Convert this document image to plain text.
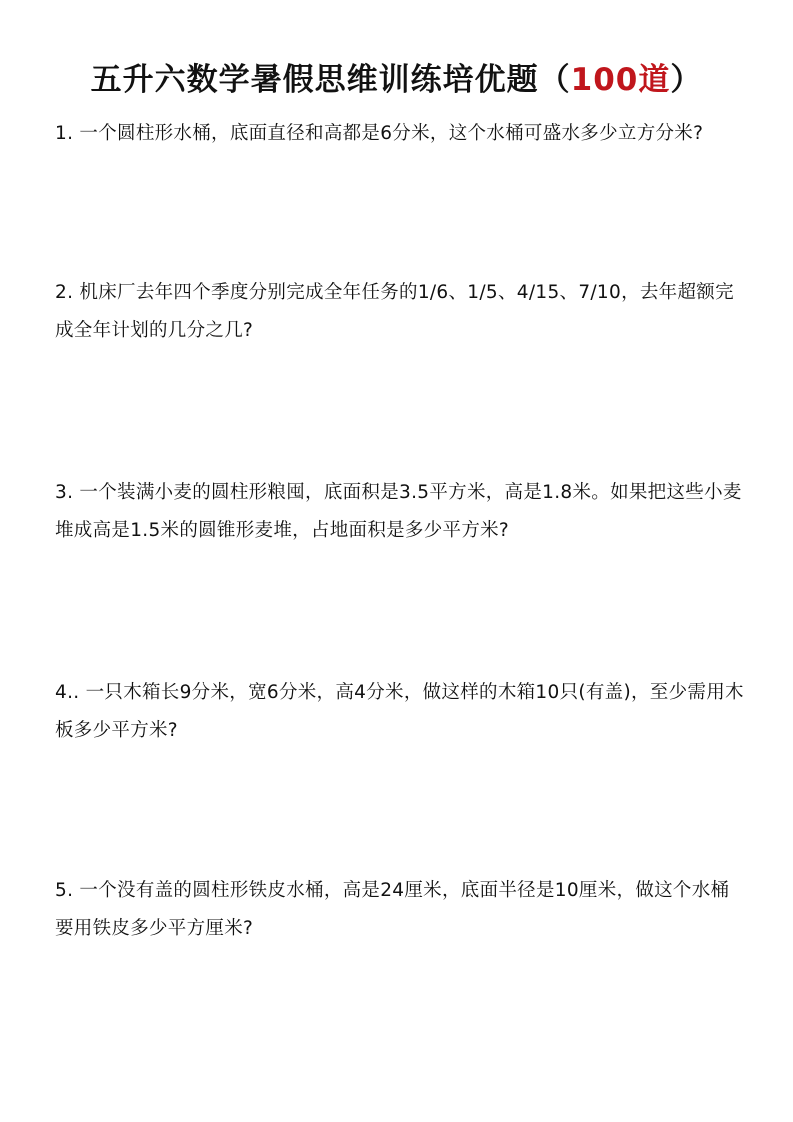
五升六数学暑假思维训练培优题（100道）
1. 一个圆柱形水桶，底面直径和高都是6分米，这个水桶可盛水多少立方分米?
2. 机床厂去年四个季度分别完成全年任务的1/6、1/5、4/15、7/10，去年超额完成全年计划的几分之几?
3. 一个装满小麦的圆柱形粮囤，底面积是3.5平方米，高是1.8米。如果把这些小麦堆成高是1.5米的圆锥形麦堆，占地面积是多少平方米?
4.. 一只木箱长9分米，宽6分米，高4分米，做这样的木箱10只(有盖)，至少需用木板多少平方米?
5. 一个没有盖的圆柱形铁皮水桶，高是24厘米，底面半径是10厘米，做这个水桶要用铁皮多少平方厘米?
